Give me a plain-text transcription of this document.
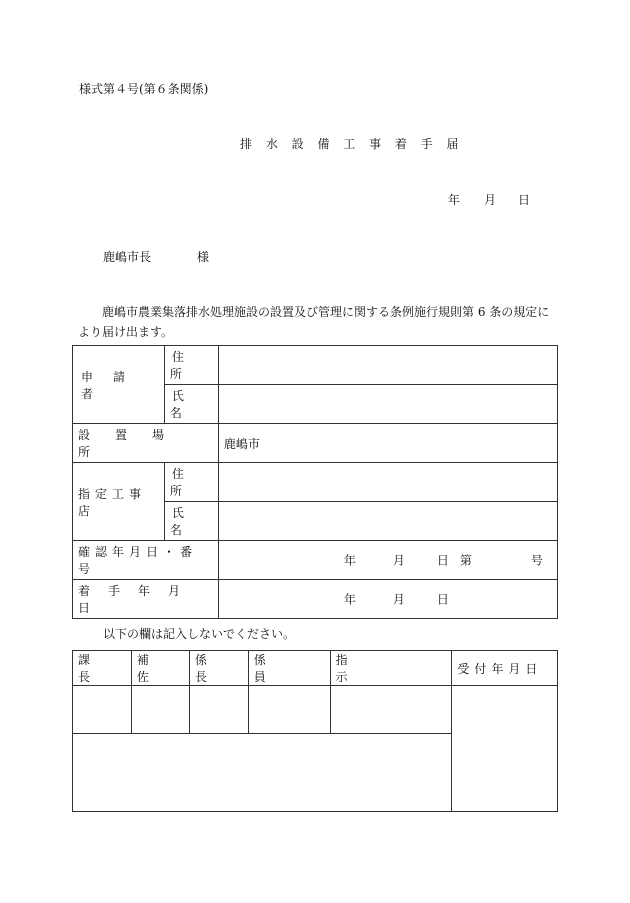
様式第４号(第６条関係)
排 水 設 備 工 事 着 手 届
年 月 日
鹿嶋市長	様
鹿嶋市農業集落排水処理施設の設置及び管理に関する条例施行規則第 6 条の規定により届け出ます。
申請者	住所	
	氏名	
設置場所		鹿嶋市
指定工事店	住所	
	氏名	
確認年月日・番号		年 月 日 第 号

着手年月日		年 月 日
以下の欄は記入しないでください。
課長	補佐	係長	係員	指示	受付年月日
